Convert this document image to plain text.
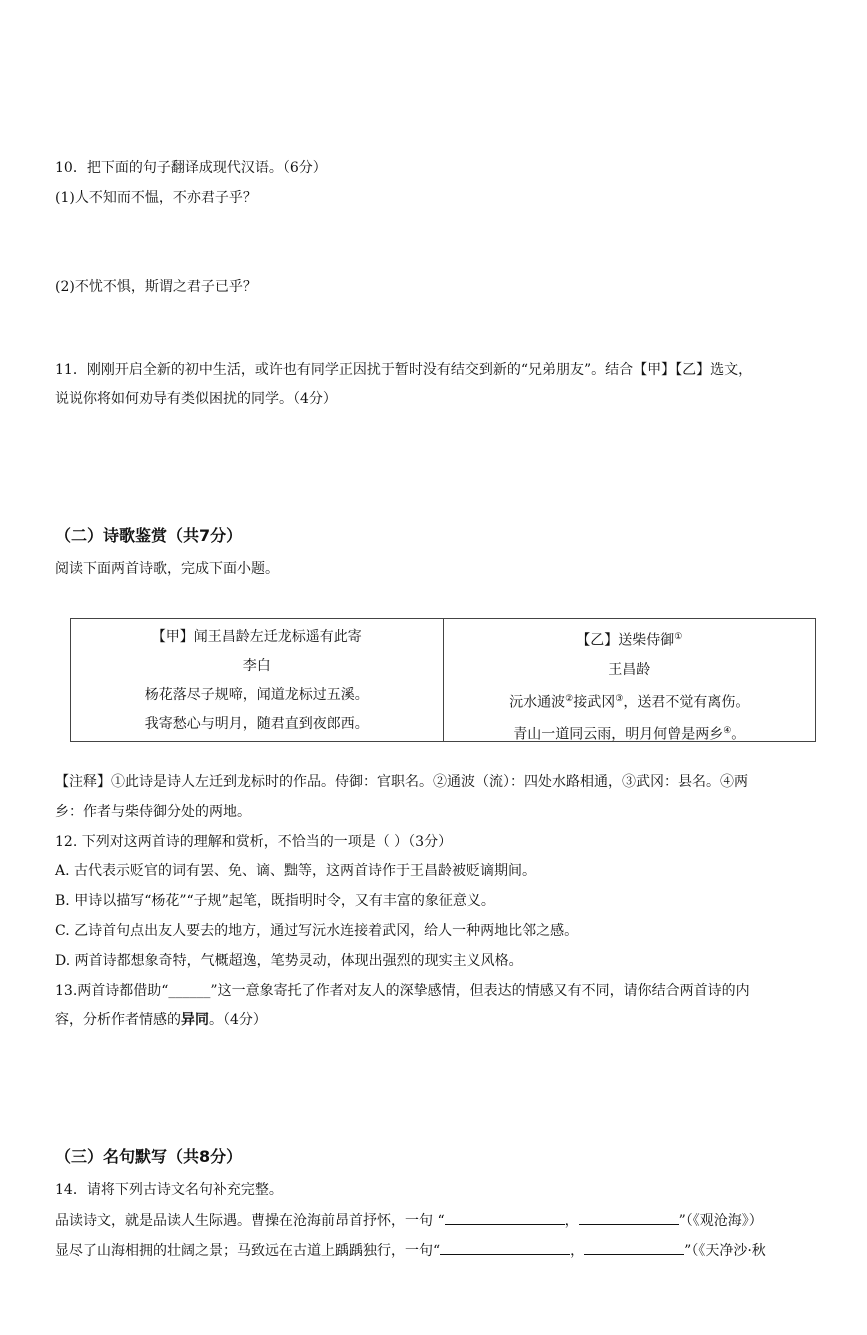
10．把下面的句子翻译成现代汉语。（6分）
(1)人不知而不愠，不亦君子乎？
(2)不忧不惧，斯谓之君子已乎？
11．刚刚开启全新的初中生活，或许也有同学正因扰于暂时没有结交到新的“兄弟朋友”。结合【甲】【乙】选文，
说说你将如何劝导有类似困扰的同学。（4分）
（二）诗歌鉴赏（共7分）
阅读下面两首诗歌，完成下面小题。
【甲】闻王昌龄左迁龙标遥有此寄
李白
杨花落尽子规啼，闻道龙标过五溪。
我寄愁心与明月，随君直到夜郎西。
【乙】送柴侍御①
王昌龄
沅水通波②接武冈③，送君不觉有离伤。
青山一道同云雨，明月何曾是两乡④。
【注释】①此诗是诗人左迁到龙标时的作品。侍御：官职名。②通波（流）：四处水路相通，③武冈：县名。④两
乡：作者与柴侍御分处的两地。
12. 下列对这两首诗的理解和赏析，不恰当的一项是（ ）（3分）
A. 古代表示贬官的词有罢、免、谪、黜等，这两首诗作于王昌龄被贬谪期间。
B. 甲诗以描写“杨花”“子规”起笔，既指明时令，又有丰富的象征意义。
C. 乙诗首句点出友人要去的地方，通过写沅水连接着武冈，给人一种两地比邻之感。
D. 两首诗都想象奇特，气概超逸，笔势灵动，体现出强烈的现实主义风格。
13.两首诗都借助“______”这一意象寄托了作者对友人的深挚感情，但表达的情感又有不同，请你结合两首诗的内
容，分析作者情感的异同。（4分）
（三）名句默写（共8分）
14．请将下列古诗文名句补充完整。
品读诗文，就是品读人生际遇。曹操在沧海前昂首抒怀，一句 “	，	”（《观沧海》）
显尽了山海相拥的壮阔之景；马致远在古道上踽踽独行，一句“	，	”（《天净沙·秋
